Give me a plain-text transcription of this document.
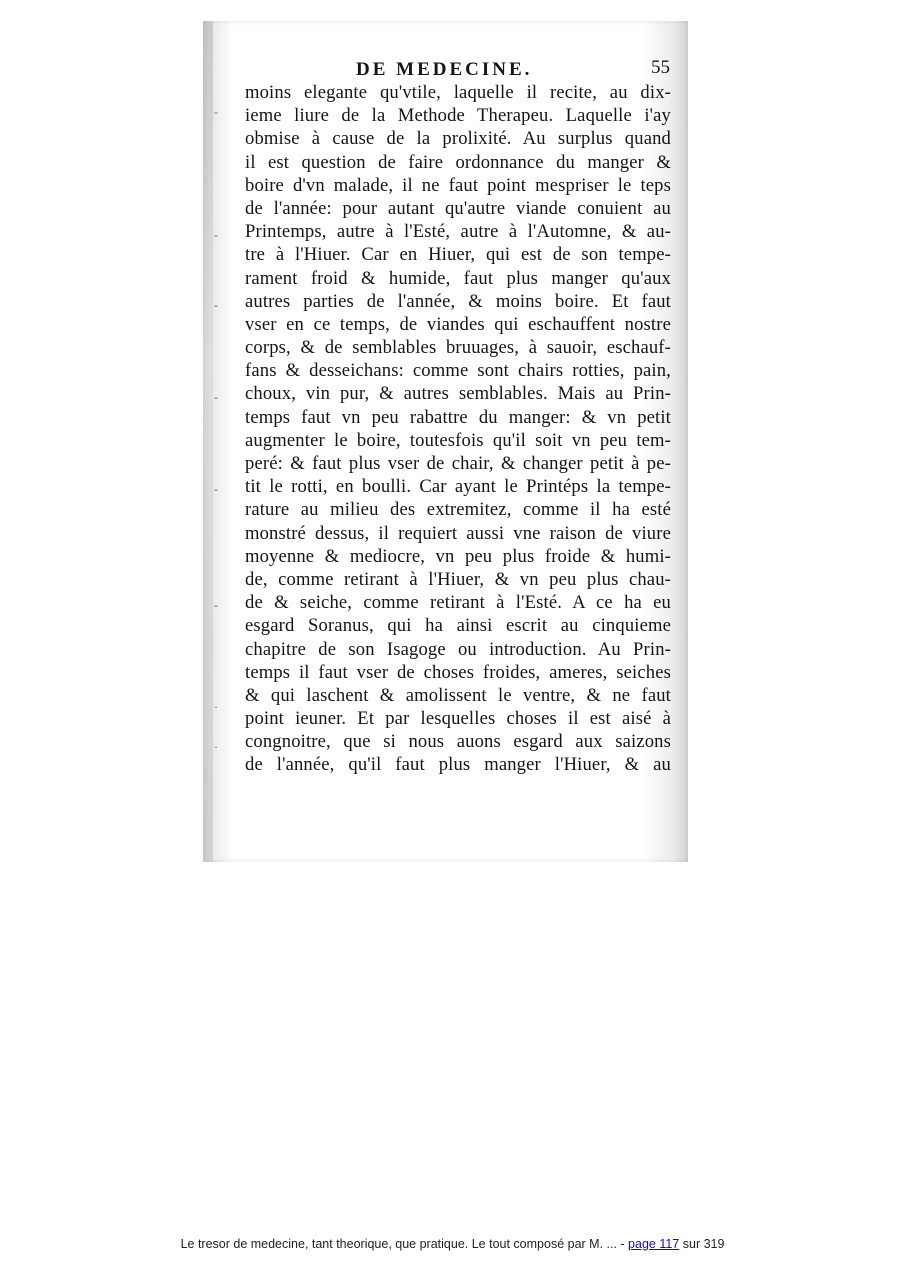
DE MEDECINE.	55
-
-
-
-
-
-
·
·
moins elegante qu'vtile, laquelle il recite, au dix-
ieme liure de la Methode Therapeu. Laquelle i'ay
obmise à cause de la prolixité. Au surplus quand
il est question de faire ordonnance du manger &
boire d'vn malade, il ne faut point mespriser le teps
de l'année: pour autant qu'autre viande conuient au
Printemps, autre à l'Esté, autre à l'Automne, & au-
tre à l'Hiuer. Car en Hiuer, qui est de son tempe-
rament froid & humide, faut plus manger qu'aux
autres parties de l'année, & moins boire. Et faut
vser en ce temps, de viandes qui eschauffent nostre
corps, & de semblables bruuages, à sauoir, eschauf-
fans & desseichans: comme sont chairs rotties, pain,
choux, vin pur, & autres semblables. Mais au Prin-
temps faut vn peu rabattre du manger: & vn petit
augmenter le boire, toutesfois qu'il soit vn peu tem-
peré: & faut plus vser de chair, & changer petit à pe-
tit le rotti, en boulli. Car ayant le Printéps la tempe-
rature au milieu des extremitez, comme il ha esté
monstré dessus, il requiert aussi vne raison de viure
moyenne & mediocre, vn peu plus froide & humi-
de, comme retirant à l'Hiuer, & vn peu plus chau-
de & seiche, comme retirant à l'Esté. A ce ha eu
esgard Soranus, qui ha ainsi escrit au cinquieme
chapitre de son Isagoge ou introduction. Au Prin-
temps il faut vser de choses froides, ameres, seiches
& qui laschent & amolissent le ventre, & ne faut
point ieuner. Et par lesquelles choses il est aisé à
congnoitre, que si nous auons esgard aux saizons
de l'année, qu'il faut plus manger l'Hiuer, & au
Le tresor de medecine, tant theorique, que pratique. Le tout composé par M. ... - page 117 sur 319
